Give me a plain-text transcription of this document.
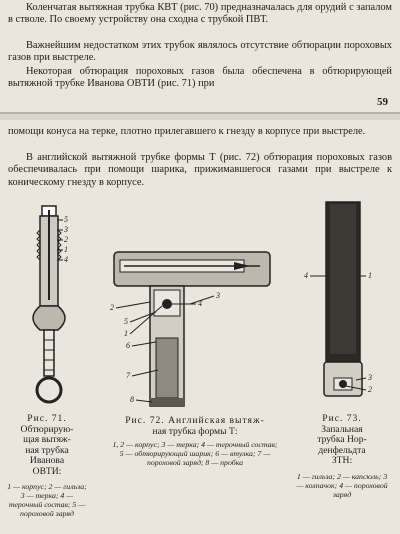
Коленчатая вытяжная трубка КВТ (рис. 70) предназначалась для орудий с запалом в стволе. По своему устройству она сходна с трубкой ПВТ.

Важнейшим недостатком этих трубок являлось отсутствие обтюрации пороховых газов при выстреле.

Некоторая обтюрация пороховых газов была обеспечена в обтюрирующей вытяжной трубке Иванова ОВТИ (рис. 71) при

59

помощи конуса на терке, плотно прилегавшего к гнезду в корпусе при выстреле.

В английской вытяжной трубке формы Т (рис. 72) обтюрация пороховых газов обеспечивалась при помощи шарика, прижимавшегося газами при выстреле к коническому гнезду в корпусе.

5
3
2
1
4
Рис. 71.
Обтюрирую-
щая вытяж-
ная трубка
Иванова
ОВТИ:

1 — корпус; 2 — гильза; 3 — терка; 4 — терочный состав; 5 — пороховой заряд

2
3
4
5
1
6
7
8
Рис. 72. Английская вытяж-
ная трубка формы Т:

1, 2 — корпус; 3 — терка; 4 — терочный состав; 5 — обтюрирующий шарик; 6 — втулка; 7 — пороховой заряд; 8 — пробка

4	1
3
2
Рис. 73.
Запальная
трубка Нор-
денфельдта
ЗТН:

1 — гильза; 2 — капсюль; 3 — колпачок; 4 — пороховой заряд
